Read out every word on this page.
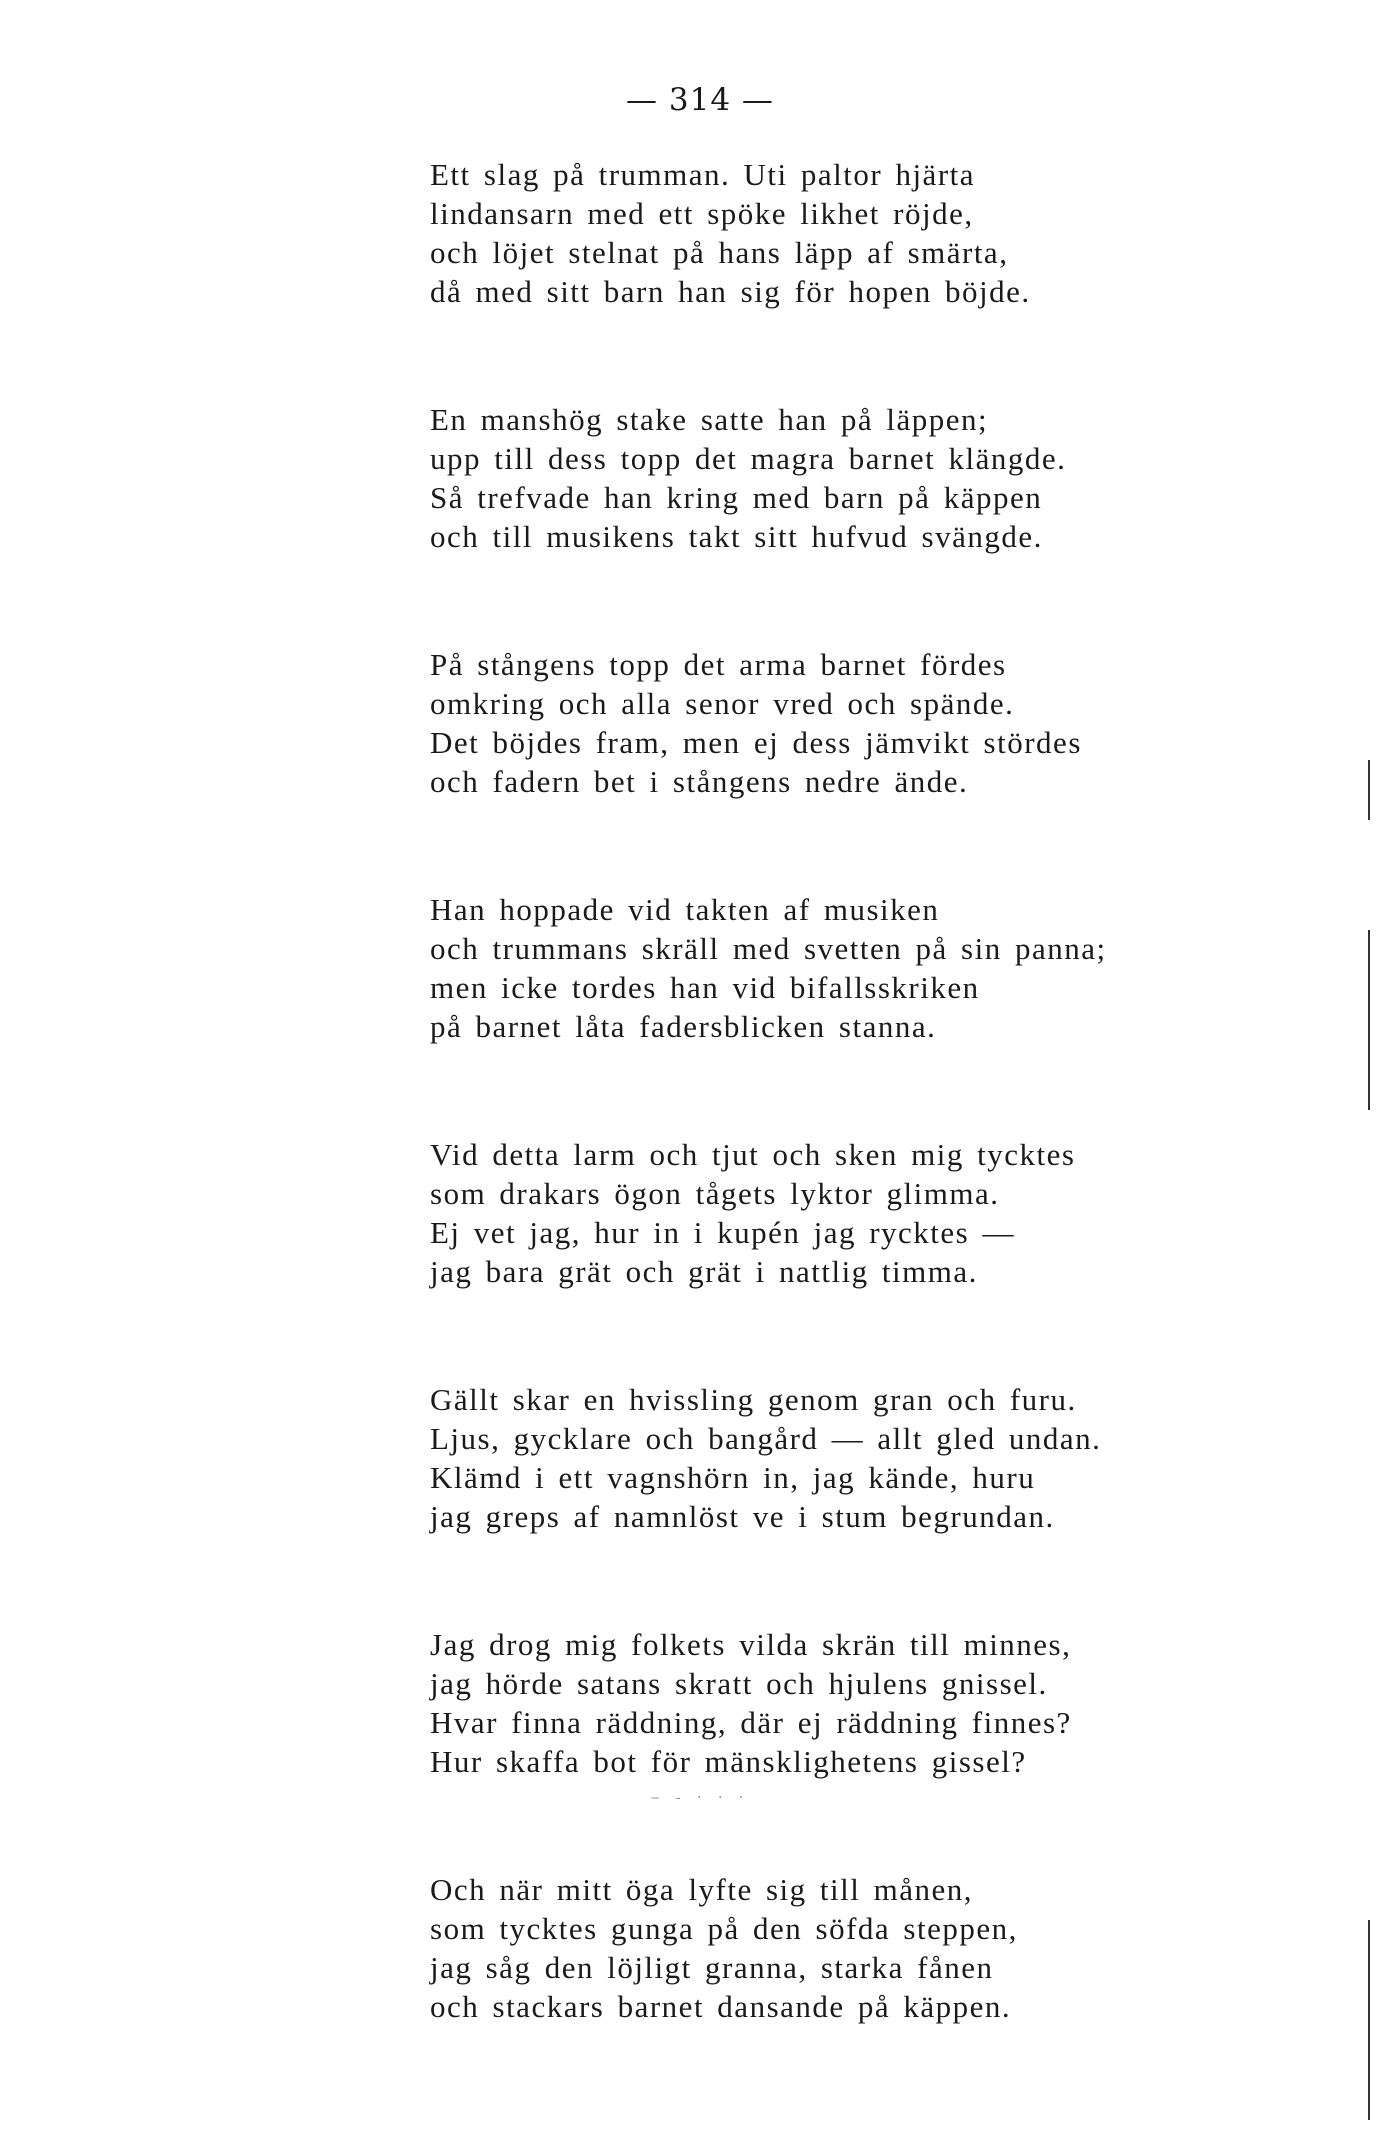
— 314 —
Ett slag på trumman. Uti paltor hjärta
lindansarn med ett spöke likhet röjde,
och löjet stelnat på hans läpp af smärta,
då med sitt barn han sig för hopen böjde.
En manshög stake satte han på läppen;
upp till dess topp det magra barnet klängde.
Så trefvade han kring med barn på käppen
och till musikens takt sitt hufvud svängde.
På stångens topp det arma barnet fördes
omkring och alla senor vred och spände.
Det böjdes fram, men ej dess jämvikt stördes
och fadern bet i stångens nedre ände.
Han hoppade vid takten af musiken
och trummans skräll med svetten på sin panna;
men icke tordes han vid bifallsskriken
på barnet låta fadersblicken stanna.
Vid detta larm och tjut och sken mig tycktes
som drakars ögon tågets lyktor glimma.
Ej vet jag, hur in i kupén jag rycktes —
jag bara grät och grät i nattlig timma.
Gällt skar en hvissling genom gran och furu.
Ljus, gycklare och bangård — allt gled undan.
Klämd i ett vagnshörn in, jag kände, huru
jag greps af namnlöst ve i stum begrundan.
Jag drog mig folkets vilda skrän till minnes,
jag hörde satans skratt och hjulens gnissel.
Hvar finna räddning, där ej räddning finnes?
Hur skaffa bot för mänsklighetens gissel?
Och när mitt öga lyfte sig till månen,
som tycktes gunga på den söfda steppen,
jag såg den löjligt granna, starka fånen
och stackars barnet dansande på käppen.
‒ ‑ · · ·
